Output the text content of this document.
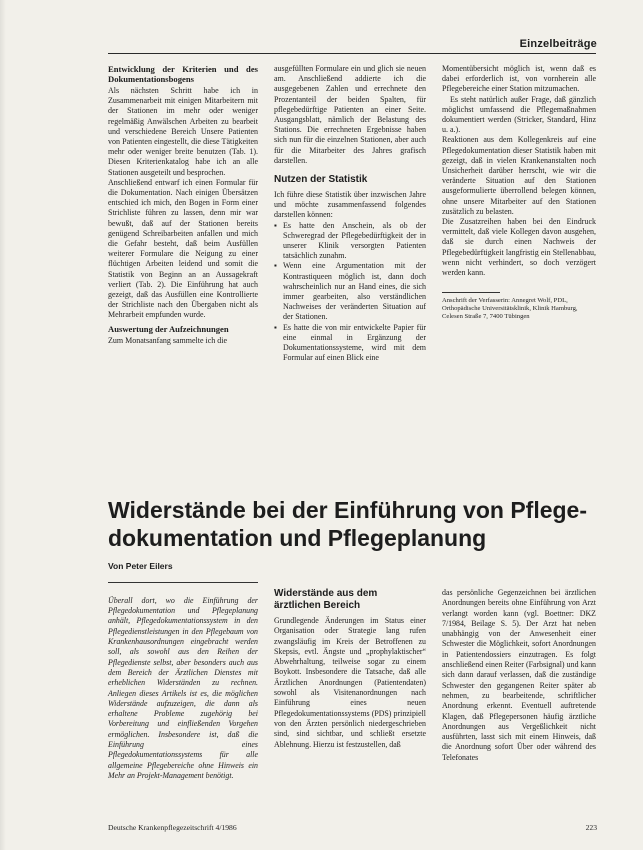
Einzelbeiträge

Entwicklung der Kriterien und des Dokumentationsbogens

Als nächsten Schritt habe ich in Zusammenarbeit mit einigen Mitarbeitern mit der Stationen im mehr oder weniger regelmäßig Anwälschen Arbeiten zu bearbeit und verschiedene Bereich Unsere Patienten von Patienten eingestellt, die diese Tätigkeiten mehr oder weniger breite benutzen (Tab. 1). Diesen Kriterienkatalog habe ich an alle Stationen ausgeteilt und besprochen.

Anschließend entwarf ich einen Formular für die Dokumentation. Nach einigen Übersätzen entschied ich mich, den Bogen in Form einer Strichliste führen zu lassen, denn mir war bewußt, daß auf der Stationen bereits genügend Schreibarbeiten anfallen und mich die Gefahr besteht, daß beim Ausfüllen weiterer Formulare die Neigung zu einer flüchtigen Arbeiten leidend und somit die Statistik von Beginn an an Aussagekraft verliert (Tab. 2). Die Einführung hat auch gezeigt, daß das Ausfüllen eine Kontrollierte der Strichliste nach den Übergaben nicht als Mehrarbeit empfunden wurde.

Auswertung der Aufzeichnungen

Zum Monatsanfang sammelte ich die

ausgefüllten Formulare ein und glich sie neuen am. Anschließend addierte ich die ausgegebenen Zahlen und errechnete den Prozentanteil der beiden Spalten, für pflegebedürftige Patienten an einer Seite. Ausgangsblatt, nämlich der Belastung des Stations. Die errechneten Ergebnisse haben sich nun für die einzelnen Stationen, aber auch für die Mitarbeiter des Jahres grafisch darstellen.

Nutzen der Statistik

Ich führe diese Statistik über inzwischen Jahre und möchte zusammenfassend folgendes darstellen können:

▪ Es hatte den Anschein, als ob der Schweregrad der Pflegebedürftigkeit der in unserer Klinik versorgten Patienten tatsächlich zunahm.
▪ Wenn eine Argumentation mit der Kontrastiqueen möglich ist, dann doch wahrscheinlich nur an Hand eines, die sich immer gearbeiten, also verständlichen Nachweises der veränderten Situation auf der Stationen.
▪ Es hatte die von mir entwickelte Papier für eine einmal in Ergänzung der Dokumentationssysteme, wird mit dem Formular auf einen Blick eine

Momentübersicht möglich ist, wenn daß es dabei erforderlich ist, von vornherein alle Pflegebereiche einer Station mitzumachen.

Es steht natürlich außer Frage, daß gänzlich möglichst umfassend die Pflegemaßnahmen dokumentiert werden (Stricker, Standard, Hinz u. a.).

Reaktionen aus dem Kollegenkreis auf eine Pflegedokumentation dieser Statistik haben mit gezeigt, daß in vielen Krankenanstalten noch Unsicherheit darüber herrscht, wie wir die veränderte Situation auf den Stationen ausgeformulierte überrollend belegen können, ohne unsere Mitarbeiter auf den Stationen zusätzlich zu belasten.

Die Zusatzreihen haben bei den Eindruck vermittelt, daß viele Kollegen davon ausgehen, daß sie durch einen Nachweis der Pflegebedürftigkeit langfristig ein Stellenabbau, wenn nicht verhindert, so doch verzögert werden kann.

Anschrift der Verfasserin: Annegret Wolf, PDL, Orthopädische Universitätsklinik, Klinik Hamburg, Celesen Straße 7, 7400 Tübingen

Widerstände bei der Einführung von Pflege-
dokumentation und Pflegeplanung
Von Peter Eilers

Überall dort, wo die Einführung der Pflegedokumentation und Pflegeplanung anhält, Pflegedokumentationssystem in den Pflegedienstleistungen in den Pflegebaum von Krankenhausordnungen eingebracht werden soll, als sowohl aus den Reihen der Pflegedienste selbst, aber besonders auch aus dem Bereich der Ärztlichen Dienstes mit erheblichen Widerständen zu rechnen. Anliegen dieses Artikels ist es, die möglichen Widerstände aufzuzeigen, die dann als erhaltene Probleme zugehörig bei Vorbereitung und einfließenden Vorgehen ermöglichen. Insbesondere ist, daß die Einführung eines Pflegedokumentationssystems für alle allgemeine Pflegebereiche ohne Hinweis ein Mehr an Projekt-Management benötigt.

Widerstände aus dem ärztlichen Bereich

Grundlegende Änderungen im Status einer Organisation oder Strategie lang rufen zwangsläufig im Kreis der Betroffenen zu Skepsis, evtl. Ängste und „prophylaktischer“ Abwehrhaltung, teilweise sogar zu einem Boykott. Insbesondere die Tatsache, daß alle Ärztlichen Anordnungen (Patientendaten) sowohl als Visitenanordnungen nach Einführung eines neuen Pflegedokumentationssystems (PDS) prinzipiell von den Ärzten persönlich niedergeschrieben sind, sind sichtbar, und schließt ersetzte Ablehnung. Hierzu ist festzustellen, daß

das persönliche Gegenzeichnen bei ärztlichen Anordnungen bereits ohne Einführung von Arzt verlangt worden kann (vgl. Boettner: DKZ 7/1984, Beilage S. 5). Der Arzt hat neben unabhängig von der Anwesenheit einer Schwester die Möglichkeit, sofort Anordnungen in Patientendossiers einzutragen. Es folgt anschließend einen Reiter (Farbsignal) und kann sich dann darauf verlassen, daß die zuständige Schwester den gegangenen Reiter später ab nehmen, zu bearbeitende, schriftlicher Anordnung erkennt. Eventuell auftretende Klagen, daß Pflegepersonen häufig ärztliche Anordnungen aus Vergeßlichkeit nicht ausführten, lasst sich mit einem Hinweis, daß die Anordnung sofort Über oder während des Telefonates

Deutsche Krankenpflegezeitschrift 4/1986	223
